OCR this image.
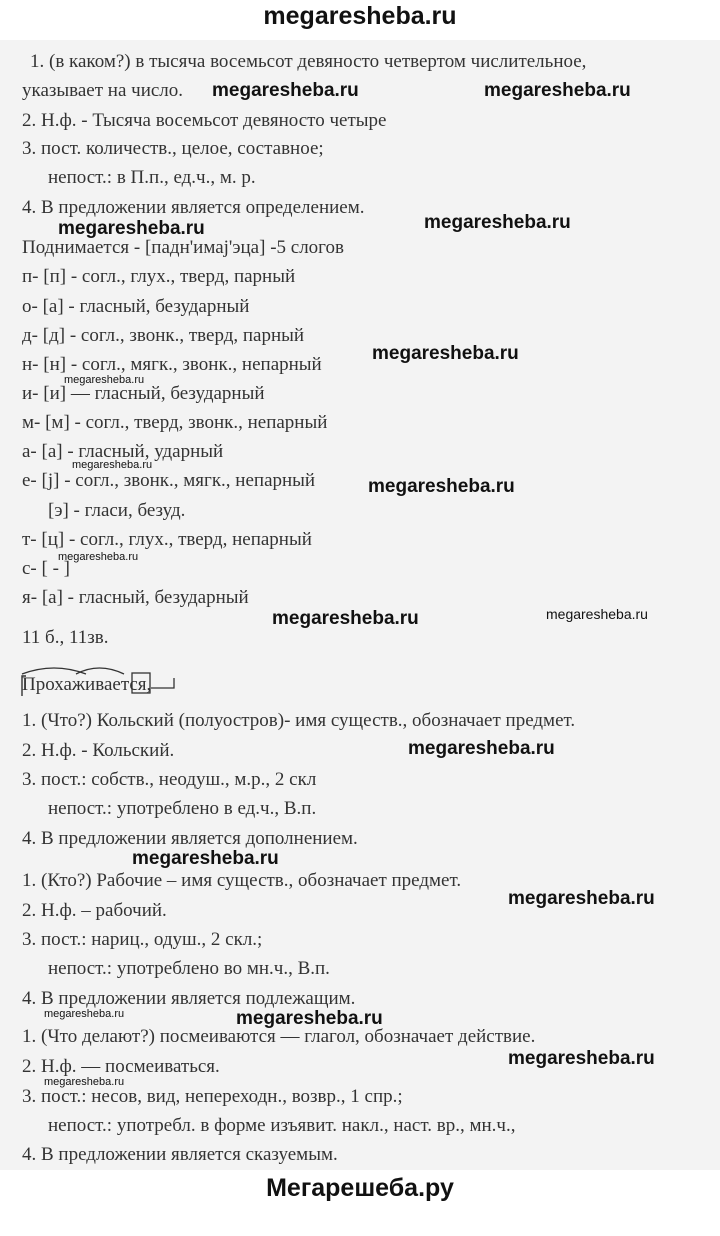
megaresheba.ru
1. (в каком?) в тысяча восемьсот девяносто четвертом числительное,
указывает на число.
2. Н.ф. - Тысяча восемьсот девяносто четыре
3. пост. количеств., целое, составное;
непост.: в П.п., ед.ч., м. р.
4. В предложении является определением.
Поднимается - [падн'имај'эца] -5 слогов
п- [п] - согл., глух., тверд, парный
о- [а] - гласный, безударный
д- [д] - согл., звонк., тверд, парный
н- [н] - согл., мягк., звонк., непарный
и- [и] — гласный, безударный
м- [м] - согл., тверд, звонк., непарный
а- [а] - гласный, ударный
е- [j] - согл., звонк., мягк., непарный
[э] - гласи, безуд.
т- [ц] - согл., глух., тверд, непарный
с- [ - ]
я- [а] - гласный, безударный
11 б., 11зв.
Прохаживается,
1. (Что?) Кольский (полуостров)- имя существ., обозначает предмет.
2. Н.ф. - Кольский.
3. пост.: собств., неодуш., м.р., 2 скл
непост.: употреблено в ед.ч., В.п.
4. В предложении является дополнением.
1. (Кто?) Рабочие – имя существ., обозначает предмет.
2. Н.ф. – рабочий.
3. пост.: нариц., одуш., 2 скл.;
непост.: употреблено во мн.ч., В.п.
4. В предложении является подлежащим.
1. (Что делают?) посмеиваются — глагол, обозначает действие.
2. Н.ф. — посмеиваться.
3. пост.: несов, вид, непереходн., возвр., 1 спр.;
непост.: употребл. в форме изъявит. накл., наст. вр., мн.ч.,
4. В предложении является сказуемым.
megaresheba.ru	megaresheba.ru
megaresheba.ru	megaresheba.ru
megaresheba.ru
megaresheba.ru
megaresheba.ru
megaresheba.ru
megaresheba.ru
megaresheba.ru	megaresheba.ru
megaresheba.ru
megaresheba.ru
megaresheba.ru
megaresheba.ru	megaresheba.ru
megaresheba.ru
megaresheba.ru
Мегарешеба.ру
